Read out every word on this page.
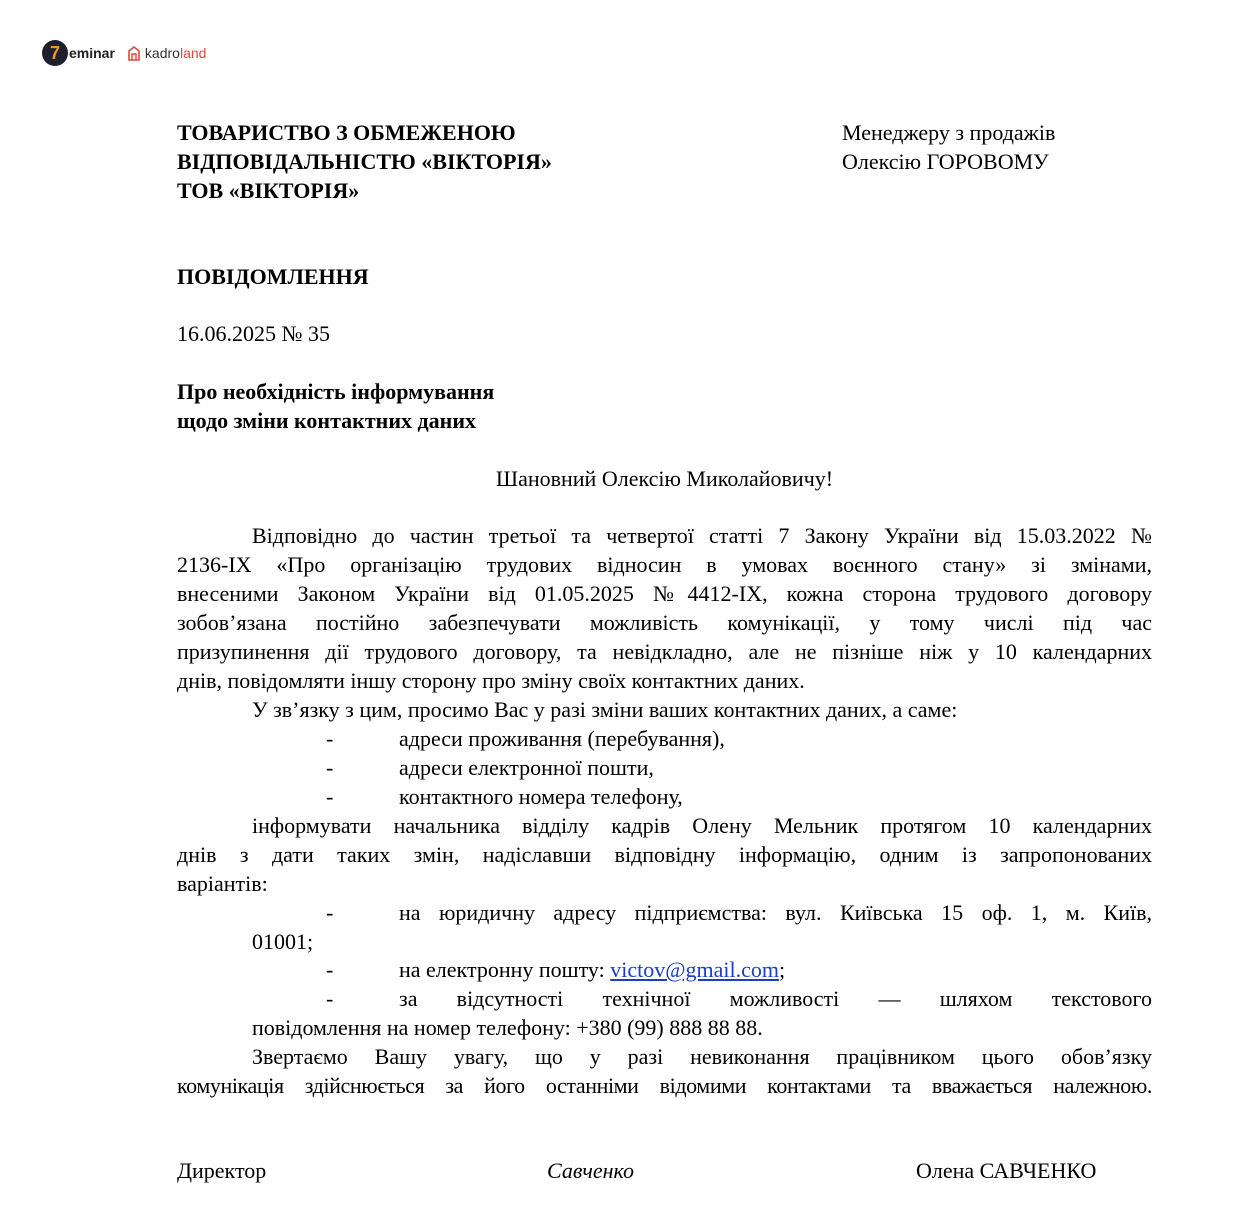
7 eminar kadro land
ТОВАРИСТВО З ОБМЕЖЕНОЮ
ВІДПОВІДАЛЬНІСТЮ «ВІКТОРІЯ»
ТОВ «ВІКТОРІЯ»
Менеджеру з продажів
Олексію ГОРОВОМУ
ПОВІДОМЛЕННЯ
16.06.2025 № 35
Про необхідність інформування
щодо зміни контактних даних
Шановний Олексію Миколайовичу!
Відповідно до частин третьої та четвертої статті 7 Закону України від 15.03.2022 №
2136-IX «Про організацію трудових відносин в умовах воєнного стану» зі змінами,
внесеними Законом України від 01.05.2025 №4412-IX, кожна сторона трудового договору
зобов’язана постійно забезпечувати можливість комунікації, у тому числі під час
призупинення дії трудового договору, та невідкладно, але не пізніше ніж у 10 календарних
днів, повідомляти іншу сторону про зміну своїх контактних даних.
У зв’язку з цим, просимо Вас у разі зміни ваших контактних даних, а саме:
-	адреси проживання (перебування),
-	адреси електронної пошти,
-	контактного номера телефону,
інформувати начальника відділу кадрів Олену Мельник протягом 10 календарних
днів з дати таких змін, надіславши відповідну інформацію, одним із запропонованих
варіантів:
-	на юридичну адресу підприємства: вул. Київська 15 оф. 1, м. Київ,
01001;
-	на електронну пошту: victov@gmail.com;
-	за відсутності технічної можливості — шляхом текстового
повідомлення на номер телефону: +380 (99) 888 88 88.
Звертаємо Вашу увагу, що у разі невиконання працівником цього обов’язку
комунікація здійснюється за його останніми відомими контактами та вважається належною.
Директор	Савченко	Олена САВЧЕНКО
